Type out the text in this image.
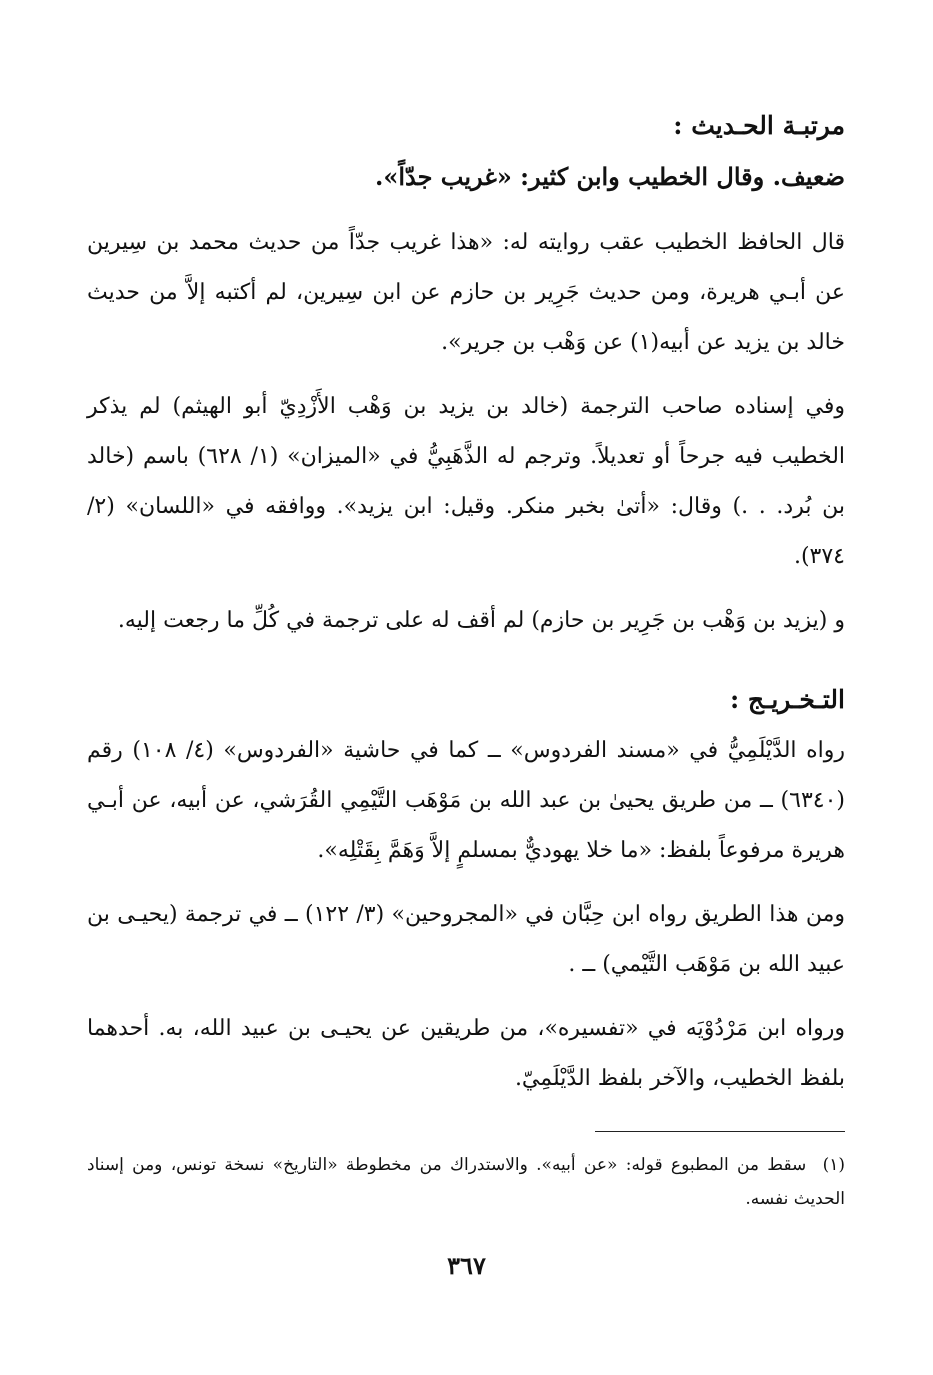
مرتبـة الحـديث :

ضعيف. وقال الخطيب وابن كثير: «غريب جدّاً».

قال الحافظ الخطيب عقب روايته له: «هذا غريب جدّاً من حديث محمد بن سِيرين عن أبـي هريرة، ومن حديث جَرِير بن حازم عن ابن سِيرين، لم أكتبه إلاَّ من حديث خالد بن يزيد عن أبيه(١) عن وَهْب بن جرير».

وفي إسناده صاحب الترجمة (خالد بن يزيد بن وَهْب الأَزْدِيّ أبو الهيثم) لم يذكر الخطيب فيه جرحاً أو تعديلاً. وترجم له الذَّهَبِيُّ في «الميزان» (١/ ٦٢٨) باسم (خالد بن بُرد. . .) وقال: «أتىٰ بخبر منكر. وقيل: ابن يزيد». ووافقه في «اللسان» (٢/ ٣٧٤).

و (يزيد بن وَهْب بن جَرِير بن حازم) لم أقف له على ترجمة في كُلِّ ما رجعت إليه.

التـخـريـج :

رواه الدَّيْلَمِيُّ في «مسند الفردوس» ــ كما في حاشية «الفردوس» (٤/ ١٠٨) رقم (٦٣٤٠) ــ من طريق يحيىٰ بن عبد الله بن مَوْهَب التَّيْمِي القُرَشي، عن أبيه، عن أبـي هريرة مرفوعاً بلفظ: «ما خلا يهوديٌّ بمسلمٍ إلاَّ وَهَمَّ بِقَتْلِه».

ومن هذا الطريق رواه ابن حِبَّان في «المجروحين» (٣/ ١٢٢) ــ في ترجمة (يحيـى بن عبيد الله بن مَوْهَب التَّيْمي) ــ .

ورواه ابن مَرْدُوْيَه في «تفسيره»، من طريقين عن يحيـى بن عبيد الله، به. أحدهما بلفظ الخطيب، والآخر بلفظ الدَّيْلَمِيّ.

(١) سقط من المطبوع قوله: «عن أبيه». والاستدراك من مخطوطة «التاريخ» نسخة تونس، ومن إسناد الحديث نفسه.
٣٦٧
